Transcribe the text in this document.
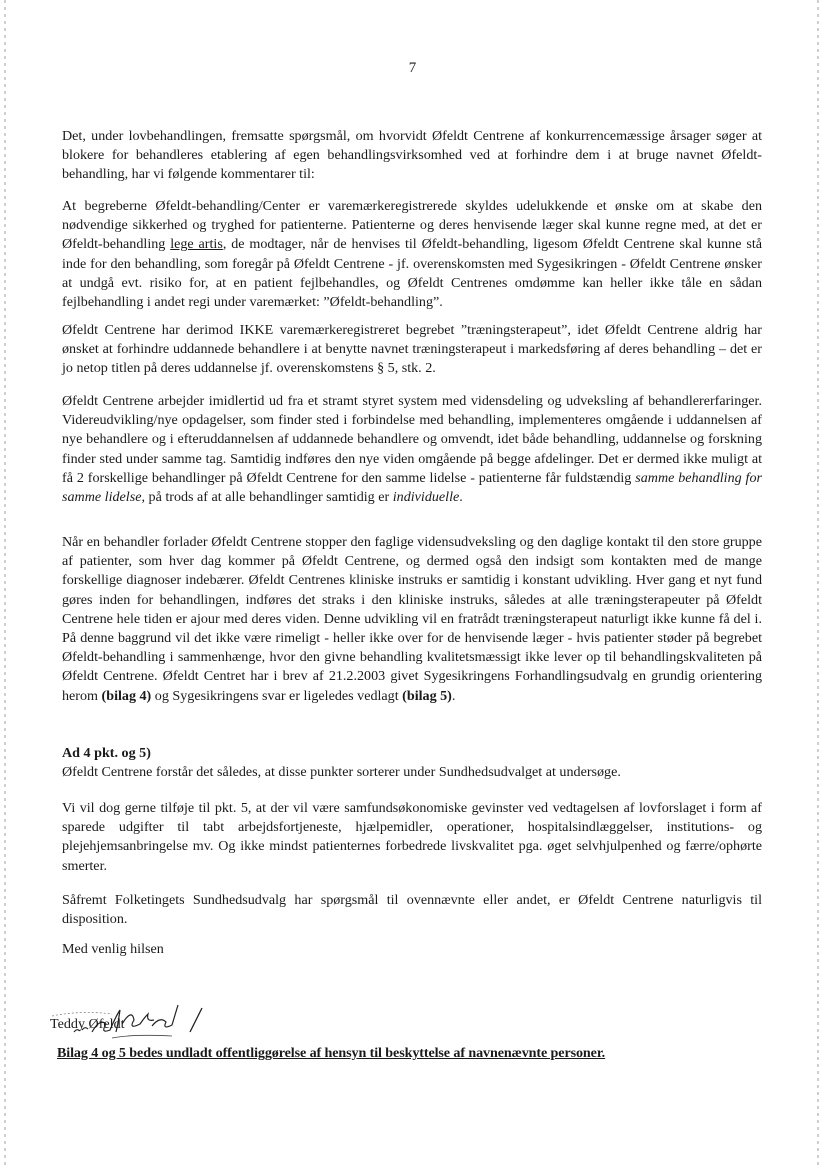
7

Det, under lovbehandlingen, fremsatte spørgsmål, om hvorvidt Øfeldt Centrene af konkurrencemæssige årsager søger at blokere for behandleres etablering af egen behandlingsvirksomhed ved at forhindre dem i at bruge navnet Øfeldt-behandling, har vi følgende kommentarer til:

At begreberne Øfeldt-behandling/Center er varemærkeregistrerede skyldes udelukkende et ønske om at skabe den nødvendige sikkerhed og tryghed for patienterne. Patienterne og deres henvisende læger skal kunne regne med, at det er Øfeldt-behandling lege artis, de modtager, når de henvises til Øfeldt-behandling, ligesom Øfeldt Centrene skal kunne stå inde for den behandling, som foregår på Øfeldt Centrene - jf. overenskomsten med Sygesikringen - Øfeldt Centrene ønsker at undgå evt. risiko for, at en patient fejlbehandles, og Øfeldt Centrenes omdømme kan heller ikke tåle en sådan fejlbehandling i andet regi under varemærket: ”Øfeldt-behandling”.

Øfeldt Centrene har derimod IKKE varemærkeregistreret begrebet ”træningsterapeut”, idet Øfeldt Centrene aldrig har ønsket at forhindre uddannede behandlere i at benytte navnet træningsterapeut i markedsføring af deres behandling – det er jo netop titlen på deres uddannelse jf. overenskomstens § 5, stk. 2.

Øfeldt Centrene arbejder imidlertid ud fra et stramt styret system med vidensdeling og udveksling af behandlererfaringer. Videreudvikling/nye opdagelser, som finder sted i forbindelse med behandling, implementeres omgående i uddannelsen af nye behandlere og i efteruddannelsen af uddannede behandlere og omvendt, idet både behandling, uddannelse og forskning finder sted under samme tag. Samtidig indføres den nye viden omgående på begge afdelinger. Det er dermed ikke muligt at få 2 forskellige behandlinger på Øfeldt Centrene for den samme lidelse - patienterne får fuldstændig samme behandling for samme lidelse, på trods af at alle behandlinger samtidig er individuelle.

Når en behandler forlader Øfeldt Centrene stopper den faglige vidensudveksling og den daglige kontakt til den store gruppe af patienter, som hver dag kommer på Øfeldt Centrene, og dermed også den indsigt som kontakten med de mange forskellige diagnoser indebærer. Øfeldt Centrenes kliniske instruks er samtidig i konstant udvikling. Hver gang et nyt fund gøres inden for behandlingen, indføres det straks i den kliniske instruks, således at alle træningsterapeuter på Øfeldt Centrene hele tiden er ajour med deres viden. Denne udvikling vil en fratrådt træningsterapeut naturligt ikke kunne få del i. På denne baggrund vil det ikke være rimeligt - heller ikke over for de henvisende læger - hvis patienter støder på begrebet Øfeldt-behandling i sammenhænge, hvor den givne behandling kvalitetsmæssigt ikke lever op til behandlingskvaliteten på Øfeldt Centrene. Øfeldt Centret har i brev af 21.2.2003 givet Sygesikringens Forhandlingsudvalg en grundig orientering herom (bilag 4) og Sygesikringens svar er ligeledes vedlagt (bilag 5).

Ad 4 pkt. og 5)

Øfeldt Centrene forstår det således, at disse punkter sorterer under Sundhedsudvalget at undersøge.

Vi vil dog gerne tilføje til pkt. 5, at der vil være samfundsøkonomiske gevinster ved vedtagelsen af lovforslaget i form af sparede udgifter til tabt arbejdsfortjeneste, hjælpemidler, operationer, hospitalsindlæggelser, institutions- og plejehjemsanbringelse mv. Og ikke mindst patienternes forbedrede livskvalitet pga. øget selvhjulpenhed og færre/ophørte smerter.

Såfremt Folketingets Sundhedsudvalg har spørgsmål til ovennævnte eller andet, er Øfeldt Centrene naturligvis til disposition.

Med venlig hilsen

Teddy Øfeldt
Bilag 4 og 5 bedes undladt offentliggørelse af hensyn til beskyttelse af navnenævnte personer.
